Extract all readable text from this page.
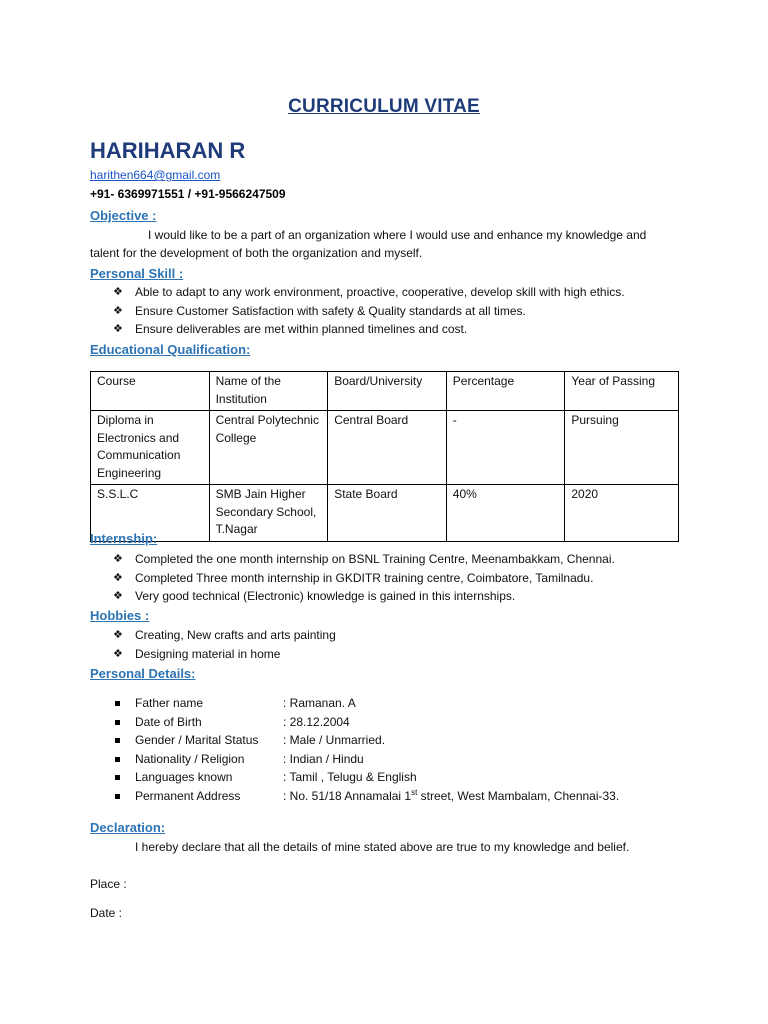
CURRICULUM VITAE
HARIHARAN R
harithen664@gmail.com
+91- 6369971551 / +91-9566247509
Objective :
I would like to be a part of an organization where I would use and enhance my knowledge and talent for the development of both the organization and myself.
Personal Skill :
❖ Able to adapt to any work environment, proactive, cooperative, develop skill with high ethics.
❖ Ensure Customer Satisfaction with safety & Quality standards at all times.
❖ Ensure deliverables are met within planned timelines and cost.
Educational Qualification:
Course	Name of the Institution	Board/University	Percentage	Year of Passing
Diploma in Electronics and Communication Engineering	Central Polytechnic College	Central Board	-	Pursuing
S.S.L.C	SMB Jain Higher Secondary School, T.Nagar	State Board	40%	2020
Internship:
❖ Completed the one month internship on BSNL Training Centre, Meenambakkam, Chennai.
❖ Completed Three month internship in GKDITR training centre, Coimbatore, Tamilnadu.
❖ Very good technical (Electronic) knowledge is gained in this internships.
Hobbies :
❖ Creating, New crafts and arts painting
❖ Designing material in home
Personal Details:
Father name	: Ramanan. A
Date of Birth	: 28.12.2004
Gender / Marital Status : Male / Unmarried.
Nationality / Religion	: Indian / Hindu
Languages known	: Tamil , Telugu & English
Permanent Address	: No. 51/18 Annamalai 1st street, West Mambalam, Chennai-33.
Declaration:
I hereby declare that all the details of mine stated above are true to my knowledge and belief.
Place :
Date :
